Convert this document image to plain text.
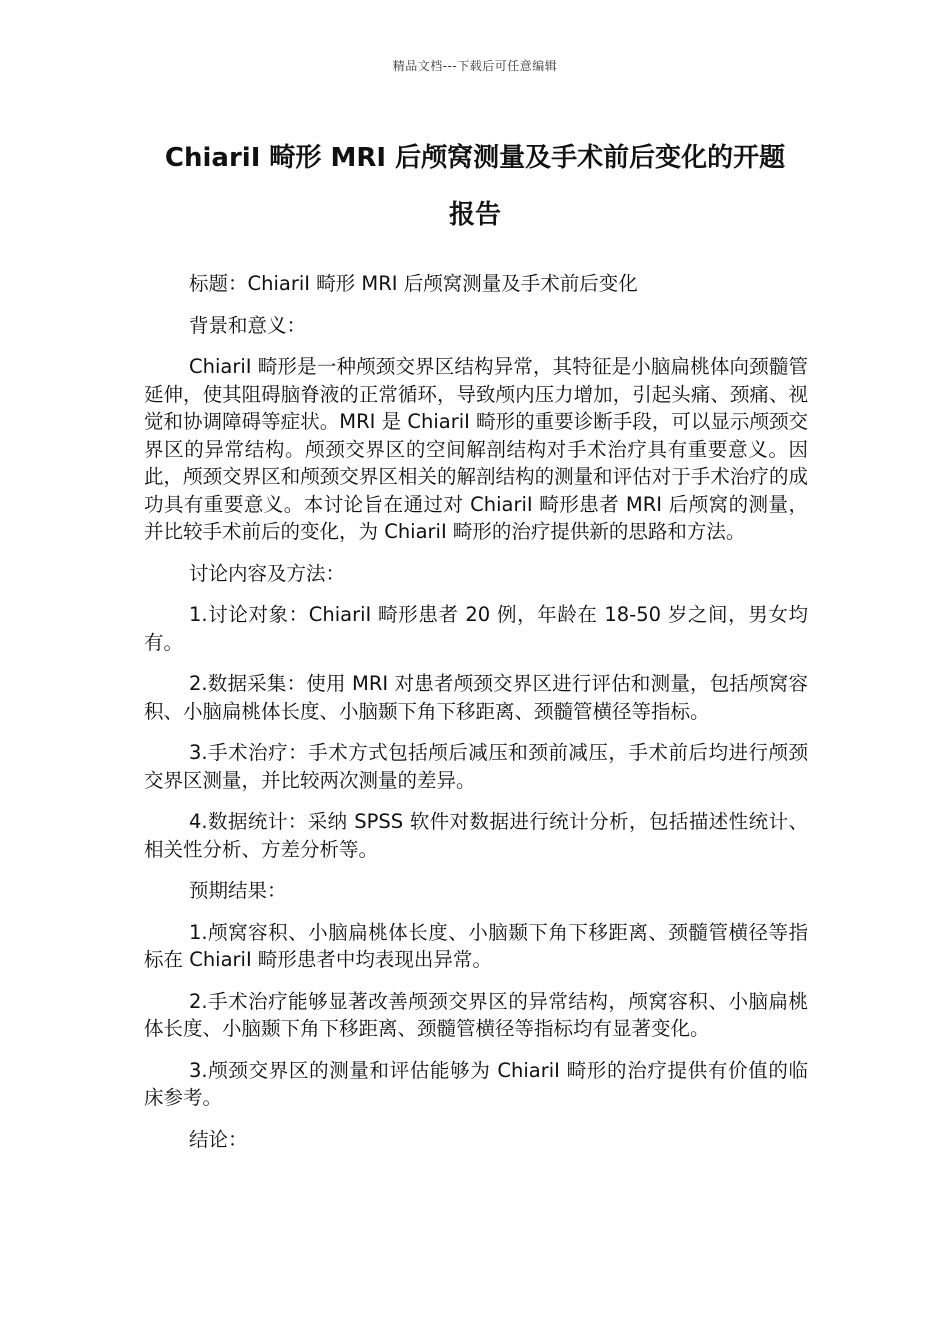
精品文档---下载后可任意编辑
ChiariI 畸形 MRI 后颅窝测量及手术前后变化的开题
报告

标题：ChiariI 畸形 MRI 后颅窝测量及手术前后变化

背景和意义：

ChiariI 畸形是一种颅颈交界区结构异常，其特征是小脑扁桃体向颈髓管延伸，使其阻碍脑脊液的正常循环，导致颅内压力增加，引起头痛、颈痛、视觉和协调障碍等症状。MRI 是 ChiariI 畸形的重要诊断手段，可以显示颅颈交界区的异常结构。颅颈交界区的空间解剖结构对手术治疗具有重要意义。因此，颅颈交界区和颅颈交界区相关的解剖结构的测量和评估对于手术治疗的成功具有重要意义。本讨论旨在通过对 ChiariI 畸形患者 MRI 后颅窝的测量，并比较手术前后的变化，为 ChiariI 畸形的治疗提供新的思路和方法。

讨论内容及方法：

1.讨论对象：ChiariI 畸形患者 20 例，年龄在 18-50 岁之间，男女均有。

2.数据采集：使用 MRI 对患者颅颈交界区进行评估和测量，包括颅窝容积、小脑扁桃体长度、小脑颞下角下移距离、颈髓管横径等指标。

3.手术治疗：手术方式包括颅后减压和颈前减压，手术前后均进行颅颈交界区测量，并比较两次测量的差异。

4.数据统计：采纳 SPSS 软件对数据进行统计分析，包括描述性统计、相关性分析、方差分析等。

预期结果：

1.颅窝容积、小脑扁桃体长度、小脑颞下角下移距离、颈髓管横径等指标在 ChiariI 畸形患者中均表现出异常。

2.手术治疗能够显著改善颅颈交界区的异常结构，颅窝容积、小脑扁桃体长度、小脑颞下角下移距离、颈髓管横径等指标均有显著变化。

3.颅颈交界区的测量和评估能够为 ChiariI 畸形的治疗提供有价值的临床参考。

结论：
